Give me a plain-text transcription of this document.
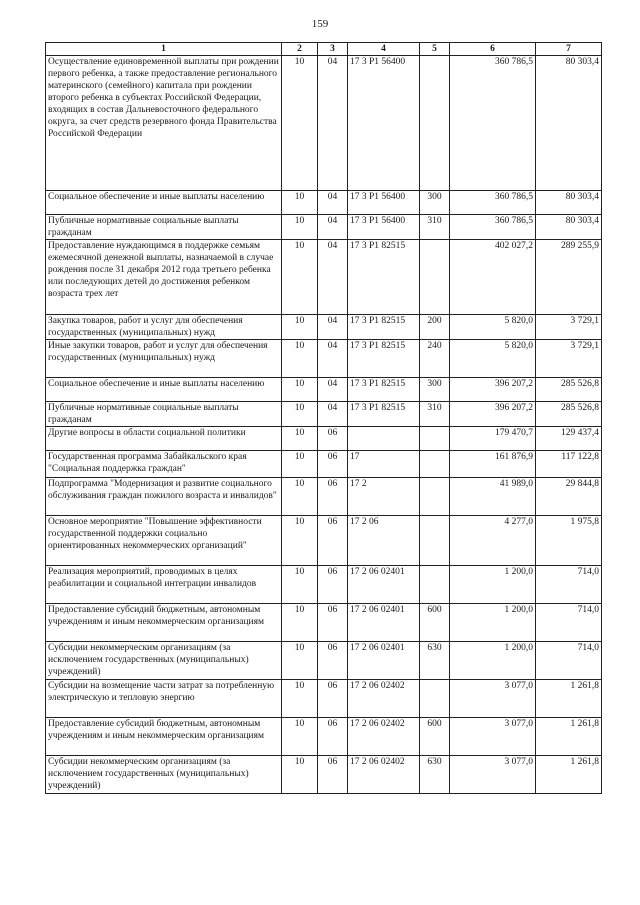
159
1	2	3	4	5	6	7
Осуществление единовременной выплаты при рождении первого ребенка, а также предоставление регионального материнского (семейного) капитала при рождении второго ребенка в субъектах Российской Федерации, входящих в состав Дальневосточного федерального округа, за счет средств резервного фонда Правительства Российской Федерации	10	04	17 3 Р1 56400		360 786,5	80 303,4
Социальное обеспечение и иные выплаты населению	10	04	17 3 Р1 56400	300	360 786,5	80 303,4
Публичные нормативные социальные выплаты гражданам	10	04	17 3 Р1 56400	310	360 786,5	80 303,4
Предоставление нуждающимся в поддержке семьям ежемесячной денежной выплаты, назначаемой в случае рождения после 31 декабря 2012 года третьего ребенка или последующих детей до достижения ребенком возраста трех лет	10	04	17 3 Р1 82515		402 027,2	289 255,9
Закупка товаров, работ и услуг для обеспечения государственных (муниципальных) нужд	10	04	17 3 Р1 82515	200	5 820,0	3 729,1
Иные закупки товаров, работ и услуг для обеспечения государственных (муниципальных) нужд	10	04	17 3 Р1 82515	240	5 820,0	3 729,1
Социальное обеспечение и иные выплаты населению	10	04	17 3 Р1 82515	300	396 207,2	285 526,8
Публичные нормативные социальные выплаты гражданам	10	04	17 3 Р1 82515	310	396 207,2	285 526,8
Другие вопросы в области социальной политики	10	06			179 470,7	129 437,4
Государственная программа Забайкальского края "Социальная поддержка граждан"	10	06	17		161 876,9	117 122,8
Подпрограмма "Модернизация и развитие социального обслуживания граждан пожилого возраста и инвалидов"	10	06	17 2		41 989,0	29 844,8
Основное мероприятие "Повышение эффективности государственной поддержки социально ориентированных некоммерческих организаций"	10	06	17 2 06		4 277,0	1 975,8
Реализация мероприятий, проводимых в целях реабилитации и социальной интеграции инвалидов	10	06	17 2 06 02401		1 200,0	714,0
Предоставление субсидий бюджетным, автономным учреждениям и иным некоммерческим организациям	10	06	17 2 06 02401	600	1 200,0	714,0
Субсидии некоммерческим организациям (за исключением государственных (муниципальных) учреждений)	10	06	17 2 06 02401	630	1 200,0	714,0
Субсидии на возмещение части затрат за потребленную электрическую и тепловую энергию	10	06	17 2 06 02402		3 077,0	1 261,8
Предоставление субсидий бюджетным, автономным учреждениям и иным некоммерческим организациям	10	06	17 2 06 02402	600	3 077,0	1 261,8
Субсидии некоммерческим организациям (за исключением государственных (муниципальных) учреждений)	10	06	17 2 06 02402	630	3 077,0	1 261,8
